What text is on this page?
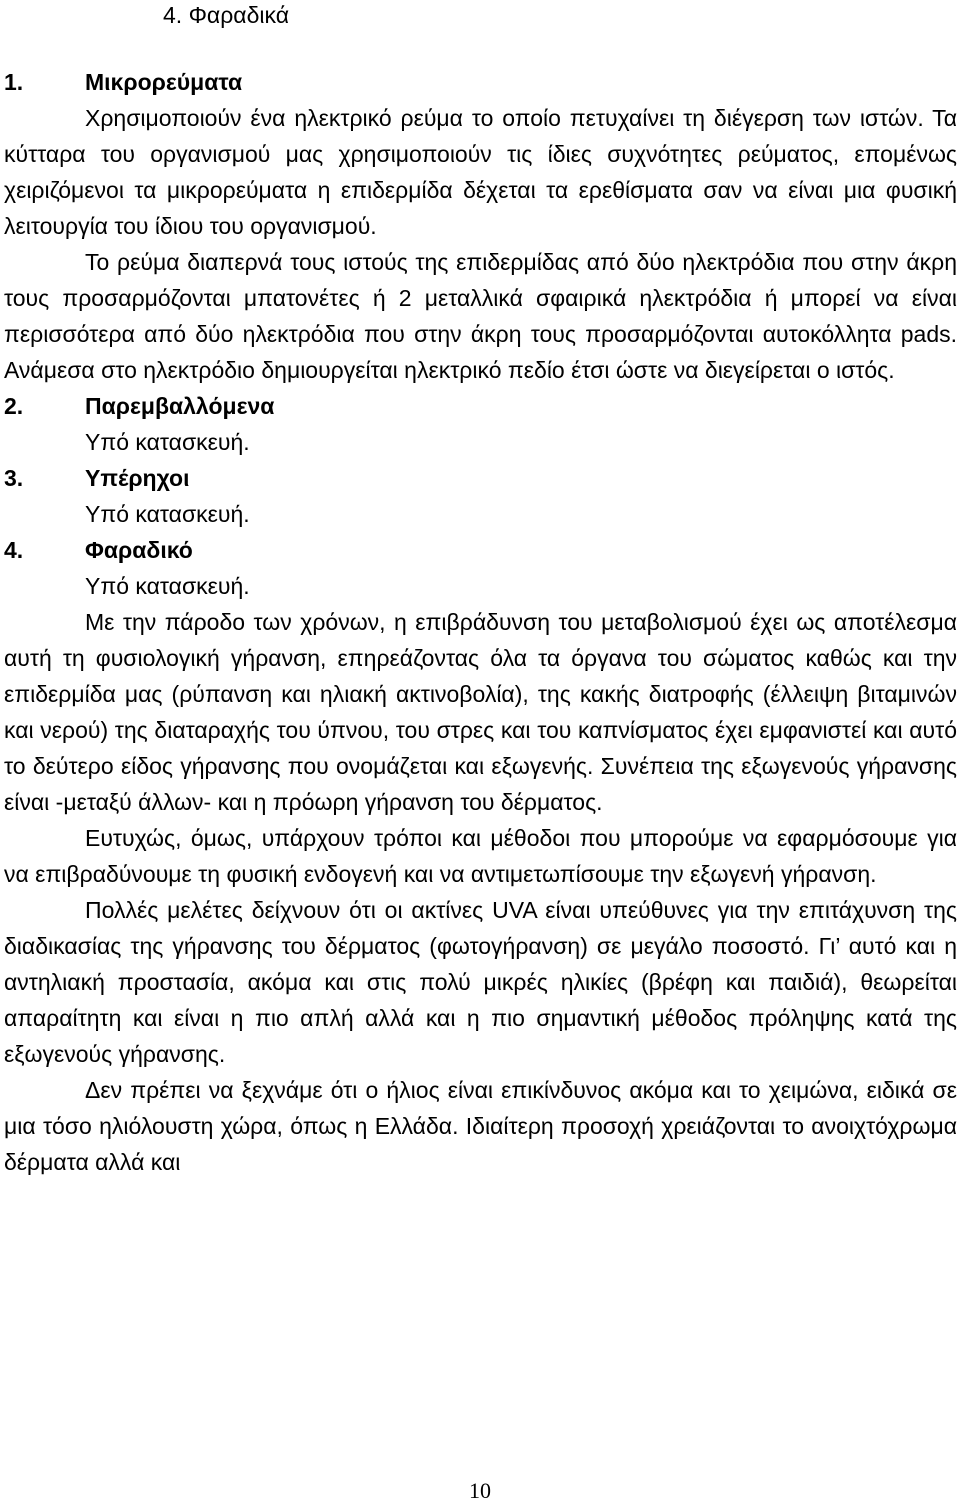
4. Φαραδικά
1.	Μικρορεύματα

Χρησιμοποιούν ένα ηλεκτρικό ρεύμα το οποίο πετυχαίνει τη διέγερση των ιστών. Τα κύτταρα του οργανισμού μας χρησιμοποιούν τις ίδιες συχνότητες ρεύματος, επομένως χειριζόμενοι τα μικρορεύματα η επιδερμίδα δέχεται τα ερεθίσματα σαν να είναι μια φυσική λειτουργία του ίδιου του οργανισμού.

Το ρεύμα διαπερνά τους ιστούς της επιδερμίδας από δύο ηλεκτρόδια που στην άκρη τους προσαρμόζονται μπατονέτες ή 2 μεταλλικά σφαιρικά ηλεκτρόδια ή μπορεί να είναι περισσότερα από δύο ηλεκτρόδια που στην άκρη τους προσαρμόζονται αυτοκόλλητα pads. Ανάμεσα στο ηλεκτρόδιο δημιουργείται ηλεκτρικό πεδίο έτσι ώστε να διεγείρεται ο ιστός.

2.	Παρεμβαλλόμενα
Υπό κατασκευή.
3.	Υπέρηχοι
Υπό κατασκευή.
4.	Φαραδικό
Υπό κατασκευή.

Με την πάροδο των χρόνων, η επιβράδυνση του μεταβολισμού έχει ως αποτέλεσμα αυτή τη φυσιολογική γήρανση, επηρεάζοντας όλα τα όργανα του σώματος καθώς και την επιδερμίδα μας (ρύπανση και ηλιακή ακτινοβολία), της κακής διατροφής (έλλειψη βιταμινών και νερού) της διαταραχής του ύπνου, του στρες και του καπνίσματος έχει εμφανιστεί και αυτό το δεύτερο είδος γήρανσης που ονομάζεται και εξωγενής. Συνέπεια της εξωγενούς γήρανσης είναι -μεταξύ άλλων- και η πρόωρη γήρανση του δέρματος.

Ευτυχώς, όμως, υπάρχουν τρόποι και μέθοδοι που μπορούμε να εφαρμόσουμε για να επιβραδύνουμε τη φυσική ενδογενή και να αντιμετωπίσουμε την εξωγενή γήρανση.

Πολλές μελέτες δείχνουν ότι οι ακτίνες UVA είναι υπεύθυνες για την επιτάχυνση της διαδικασίας της γήρανσης του δέρματος (φωτογήρανση) σε μεγάλο ποσοστό. Γι’ αυτό και η αντηλιακή προστασία, ακόμα και στις πολύ μικρές ηλικίες (βρέφη και παιδιά), θεωρείται απαραίτητη και είναι η πιο απλή αλλά και η πιο σημαντική μέθοδος πρόληψης κατά της εξωγενούς γήρανσης.

Δεν πρέπει να ξεχνάμε ότι ο ήλιος είναι επικίνδυνος ακόμα και το χειμώνα, ειδικά σε μια τόσο ηλιόλουστη χώρα, όπως η Ελλάδα. Ιδιαίτερη προσοχή χρειάζονται το ανοιχτόχρωμα δέρματα αλλά και

10
